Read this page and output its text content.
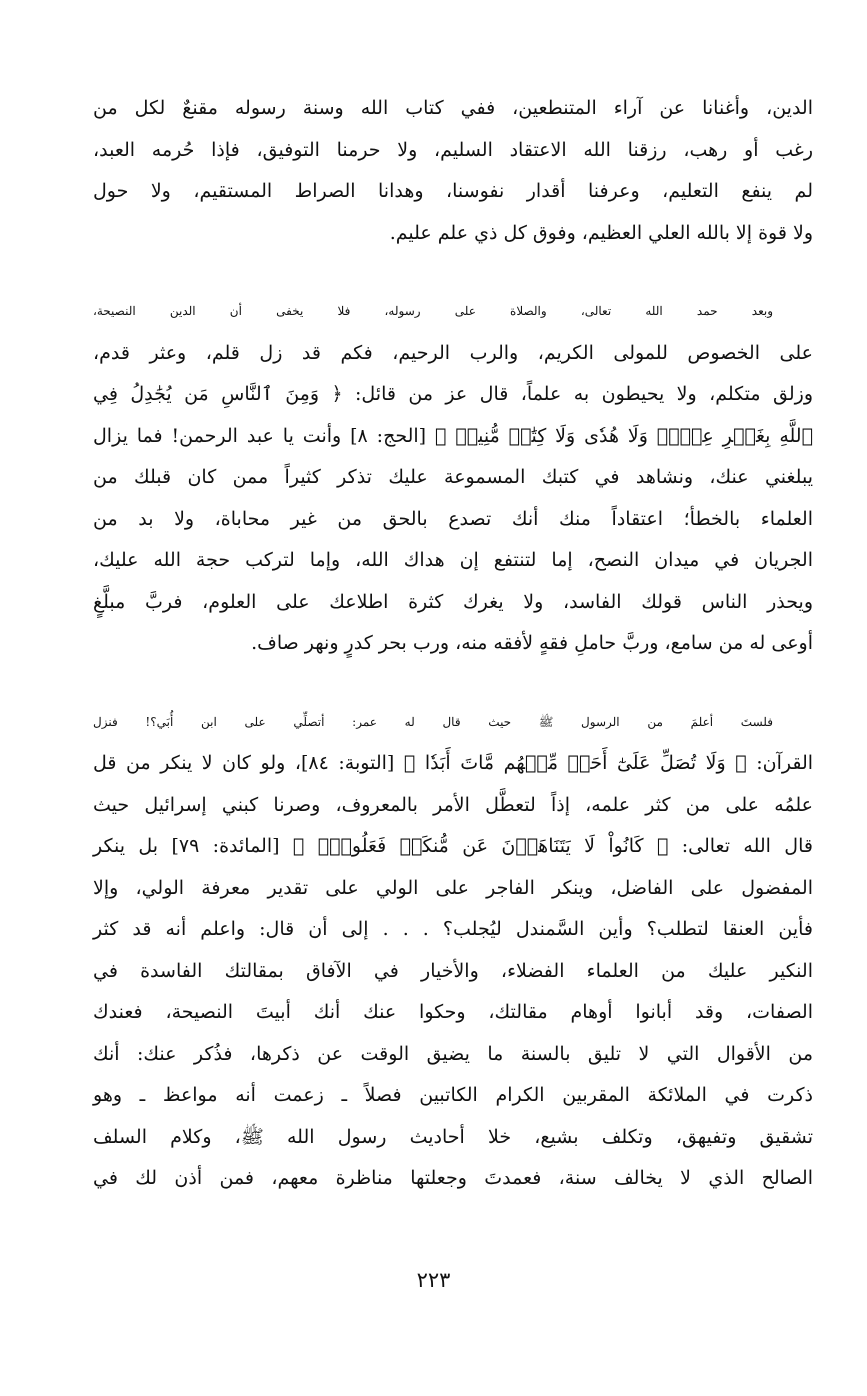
الدين، وأغنانا عن آراء المتنطعين، ففي كتاب الله وسنة رسوله مقنعٌ لكل من
رغب أو رهب، رزقنا الله الاعتقاد السليم، ولا حرمنا التوفيق، فإذا حُرمه العبد،
لم ينفع التعليم، وعرفنا أقدار نفوسنا، وهدانا الصراط المستقيم، ولا حول
ولا قوة إلا بالله العلي العظيم، وفوق كل ذي علم عليم.

وبعد حمد الله تعالى، والصلاة على رسوله، فلا يخفى أن الدين النصيحة،
على الخصوص للمولى الكريم، والرب الرحيم، فكم قد زل قلم، وعثر قدم،
وزلق متكلم، ولا يحيطون به علماً، قال عز من قائل: ﴿ وَمِنَ ٱلنَّاسِ مَن يُجَٰدِلُ فِي
ٱللَّهِ بِغَيۡرِ عِلۡمٖ وَلَا هُدٗى وَلَا كِتَٰبٖ مُّنِيرٖ ﴾ [الحج: ٨] وأنت يا عبد الرحمن! فما يزال
يبلغني عنك، ونشاهد في كتبك المسموعة عليك تذكر كثيراً ممن كان قبلك من
العلماء بالخطأ؛ اعتقاداً منك أنك تصدع بالحق من غير محاباة، ولا بد من
الجريان في ميدان النصح، إما لتنتفع إن هداك الله، وإما لتركب حجة الله عليك،
ويحذر الناس قولك الفاسد، ولا يغرك كثرة اطلاعك على العلوم، فربَّ مبلَّغٍ
أوعى له من سامع، وربَّ حاملِ فقهٍ لأفقه منه، ورب بحر كدرٍ ونهر صاف.

فلستَ أعلمَ من الرسول ﷺ حيث قال له عمر: أتصلِّي على ابن أُبَي؟! فنزل
القرآن: ﴿ وَلَا تُصَلِّ عَلَىٰٓ أَحَدٖ مِّنۡهُم مَّاتَ أَبَدٗا ﴾ [التوبة: ٨٤]، ولو كان لا ينكر من قل
علمُه على من كثر علمه، إذاً لتعطَّل الأمر بالمعروف، وصرنا كبني إسرائيل حيث
قال الله تعالى: ﴿ كَانُواْ لَا يَتَنَاهَوۡنَ عَن مُّنكَرٖ فَعَلُوهُۚ ﴾ [المائدة: ٧٩] بل ينكر
المفضول على الفاضل، وينكر الفاجر على الولي على تقدير معرفة الولي، وإلا
فأين العنقا لتطلب؟ وأين السَّمندل ليُجلب؟ . . . إلى أن قال: واعلم أنه قد كثر
النكير عليك من العلماء الفضلاء، والأخيار في الآفاق بمقالتك الفاسدة في
الصفات، وقد أبانوا أوهام مقالتك، وحكوا عنك أنك أبيتَ النصيحة، فعندك
من الأقوال التي لا تليق بالسنة ما يضيق الوقت عن ذكرها، فذُكر عنك: أنك
ذكرت في الملائكة المقربين الكرام الكاتبين فصلاً ـ زعمت أنه مواعظ ـ وهو
تشقيق وتفيهق، وتكلف بشيع، خلا أحاديث رسول الله ﷺ، وكلام السلف
الصالح الذي لا يخالف سنة، فعمدتَ وجعلتها مناظرة معهم، فمن أذن لك في

٢٢٣
